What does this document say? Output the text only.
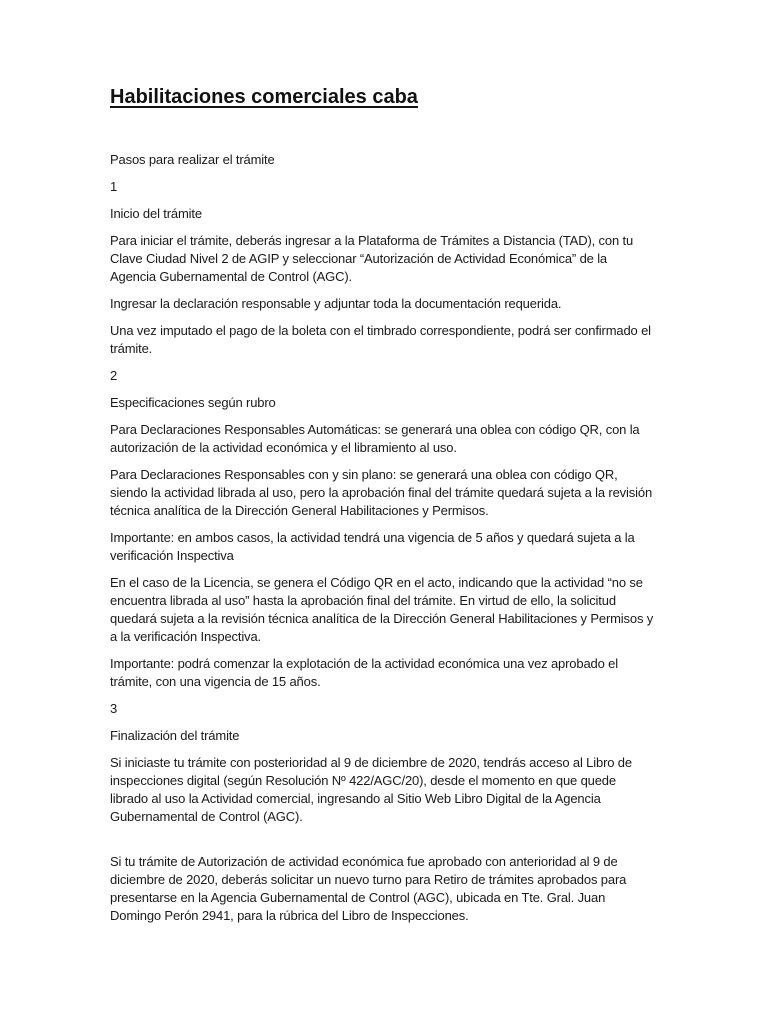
Habilitaciones comerciales caba

Pasos para realizar el trámite

1

Inicio del trámite

Para iniciar el trámite, deberás ingresar a la Plataforma de Trámites a Distancia (TAD), con tu Clave Ciudad Nivel 2 de AGIP y seleccionar “Autorización de Actividad Económica” de la Agencia Gubernamental de Control (AGC).

Ingresar la declaración responsable y adjuntar toda la documentación requerida.

Una vez imputado el pago de la boleta con el timbrado correspondiente, podrá ser confirmado el trámite.

2

Especificaciones según rubro

Para Declaraciones Responsables Automáticas: se generará una oblea con código QR, con la autorización de la actividad económica y el libramiento al uso.

Para Declaraciones Responsables con y sin plano: se generará una oblea con código QR, siendo la actividad librada al uso, pero la aprobación final del trámite quedará sujeta a la revisión técnica analítica de la Dirección General Habilitaciones y Permisos.

Importante: en ambos casos, la actividad tendrá una vigencia de 5 años y quedará sujeta a la verificación Inspectiva

En el caso de la Licencia, se genera el Código QR en el acto, indicando que la actividad “no se encuentra librada al uso” hasta la aprobación final del trámite. En virtud de ello, la solicitud quedará sujeta a la revisión técnica analítica de la Dirección General Habilitaciones y Permisos y a la verificación Inspectiva.

Importante: podrá comenzar la explotación de la actividad económica una vez aprobado el trámite, con una vigencia de 15 años.

3

Finalización del trámite

Si iniciaste tu trámite con posterioridad al 9 de diciembre de 2020, tendrás acceso al Libro de inspecciones digital (según Resolución Nº 422/AGC/20), desde el momento en que quede librado al uso la Actividad comercial, ingresando al Sitio Web Libro Digital de la Agencia Gubernamental de Control (AGC).

Si tu trámite de Autorización de actividad económica fue aprobado con anterioridad al 9 de diciembre de 2020, deberás solicitar un nuevo turno para Retiro de trámites aprobados para presentarse en la Agencia Gubernamental de Control (AGC), ubicada en Tte. Gral. Juan Domingo Perón 2941, para la rúbrica del Libro de Inspecciones.
